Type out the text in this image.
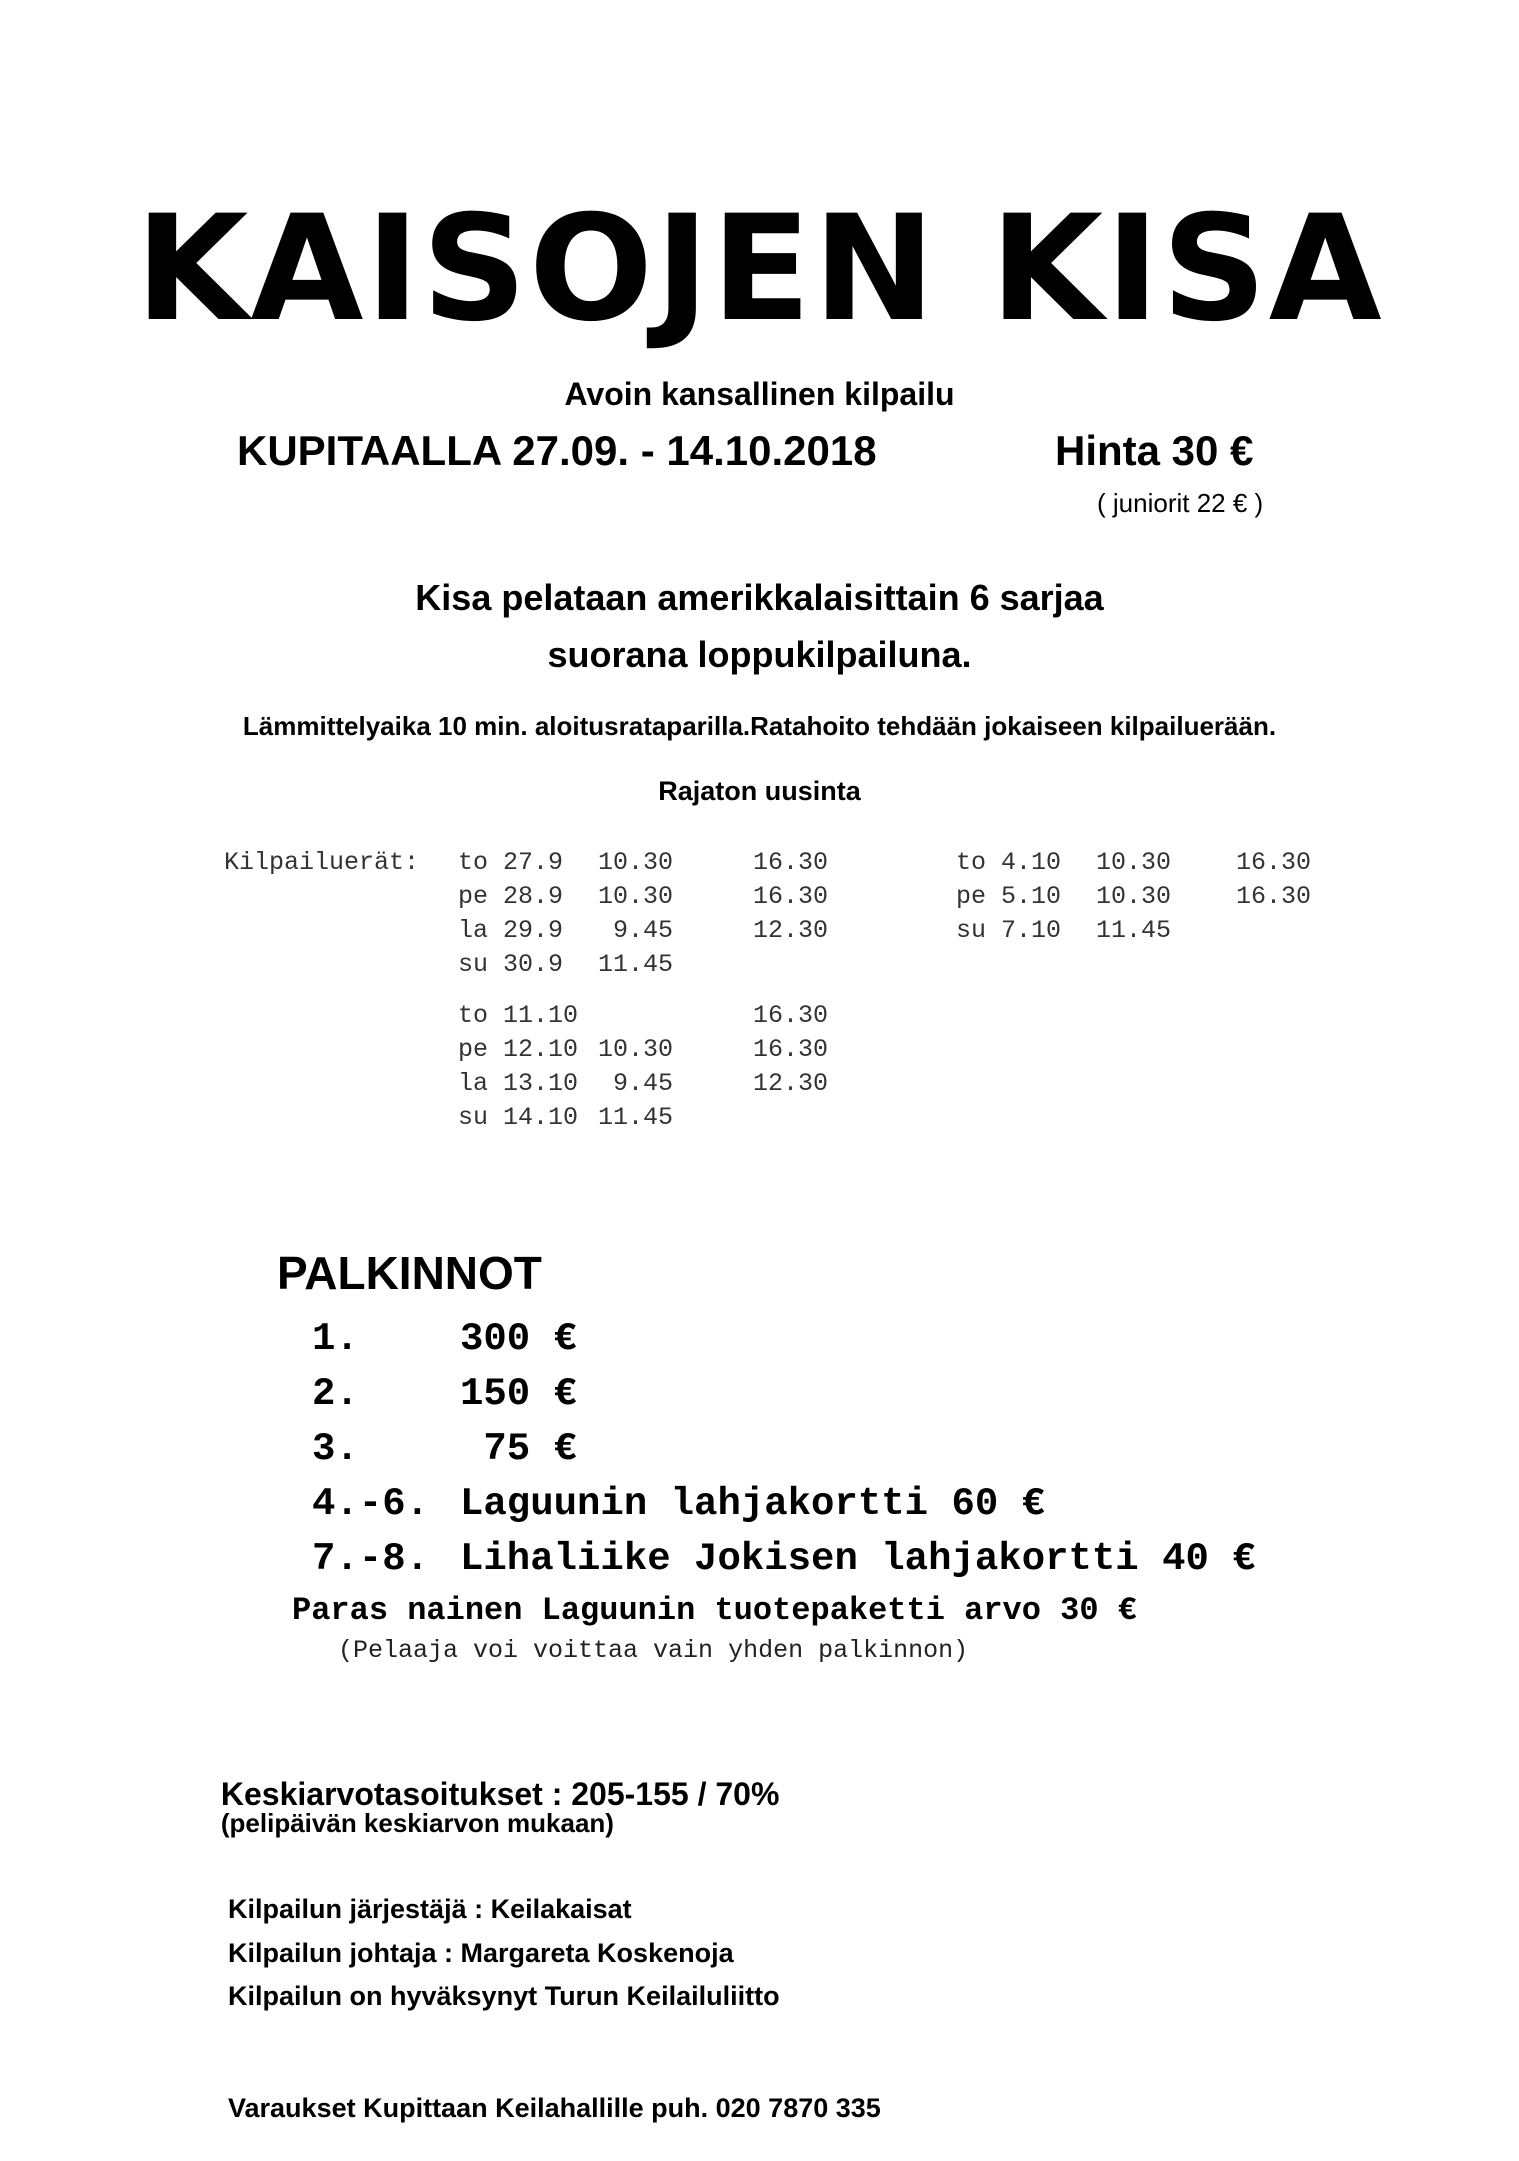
KAISOJEN KISA
Avoin kansallinen kilpailu
KUPITAALLA 27.09. - 14.10.2018	Hinta 30 €
( juniorit 22 € )
Kisa pelataan amerikkalaisittain 6 sarjaa
suorana loppukilpailuna.
Lämmittelyaika 10 min. aloitusrataparilla.Ratahoito tehdään jokaiseen kilpailuerään.
Rajaton uusinta
Kilpailuerät: to 27.9 10.30	16.30
pe 28.9 10.30	16.30
la 29.9 9.45	12.30
su 30.9 11.45
to 4.10 10.30	16.30
pe 5.10 10.30	16.30
su 7.10 11.45
to 11.10	16.30
pe 12.10 10.30	16.30
la 13.10 9.45	12.30
su 14.10 11.45
PALKINNOT
1.	300 €
2.	150 €
3.	75 €
4.-6. Laguunin lahjakortti 60 €
7.-8. Lihaliike Jokisen lahjakortti 40 €
Paras nainen Laguunin tuotepaketti arvo 30 €
(Pelaaja voi voittaa vain yhden palkinnon)

Keskiarvotasoitukset : 205-155 / 70%
(pelipäivän keskiarvon mukaan)

Kilpailun järjestäjä : Keilakaisat
Kilpailun johtaja : Margareta Koskenoja
Kilpailun on hyväksynyt Turun Keilailuliitto
Varaukset Kupittaan Keilahallille puh. 020 7870 335
